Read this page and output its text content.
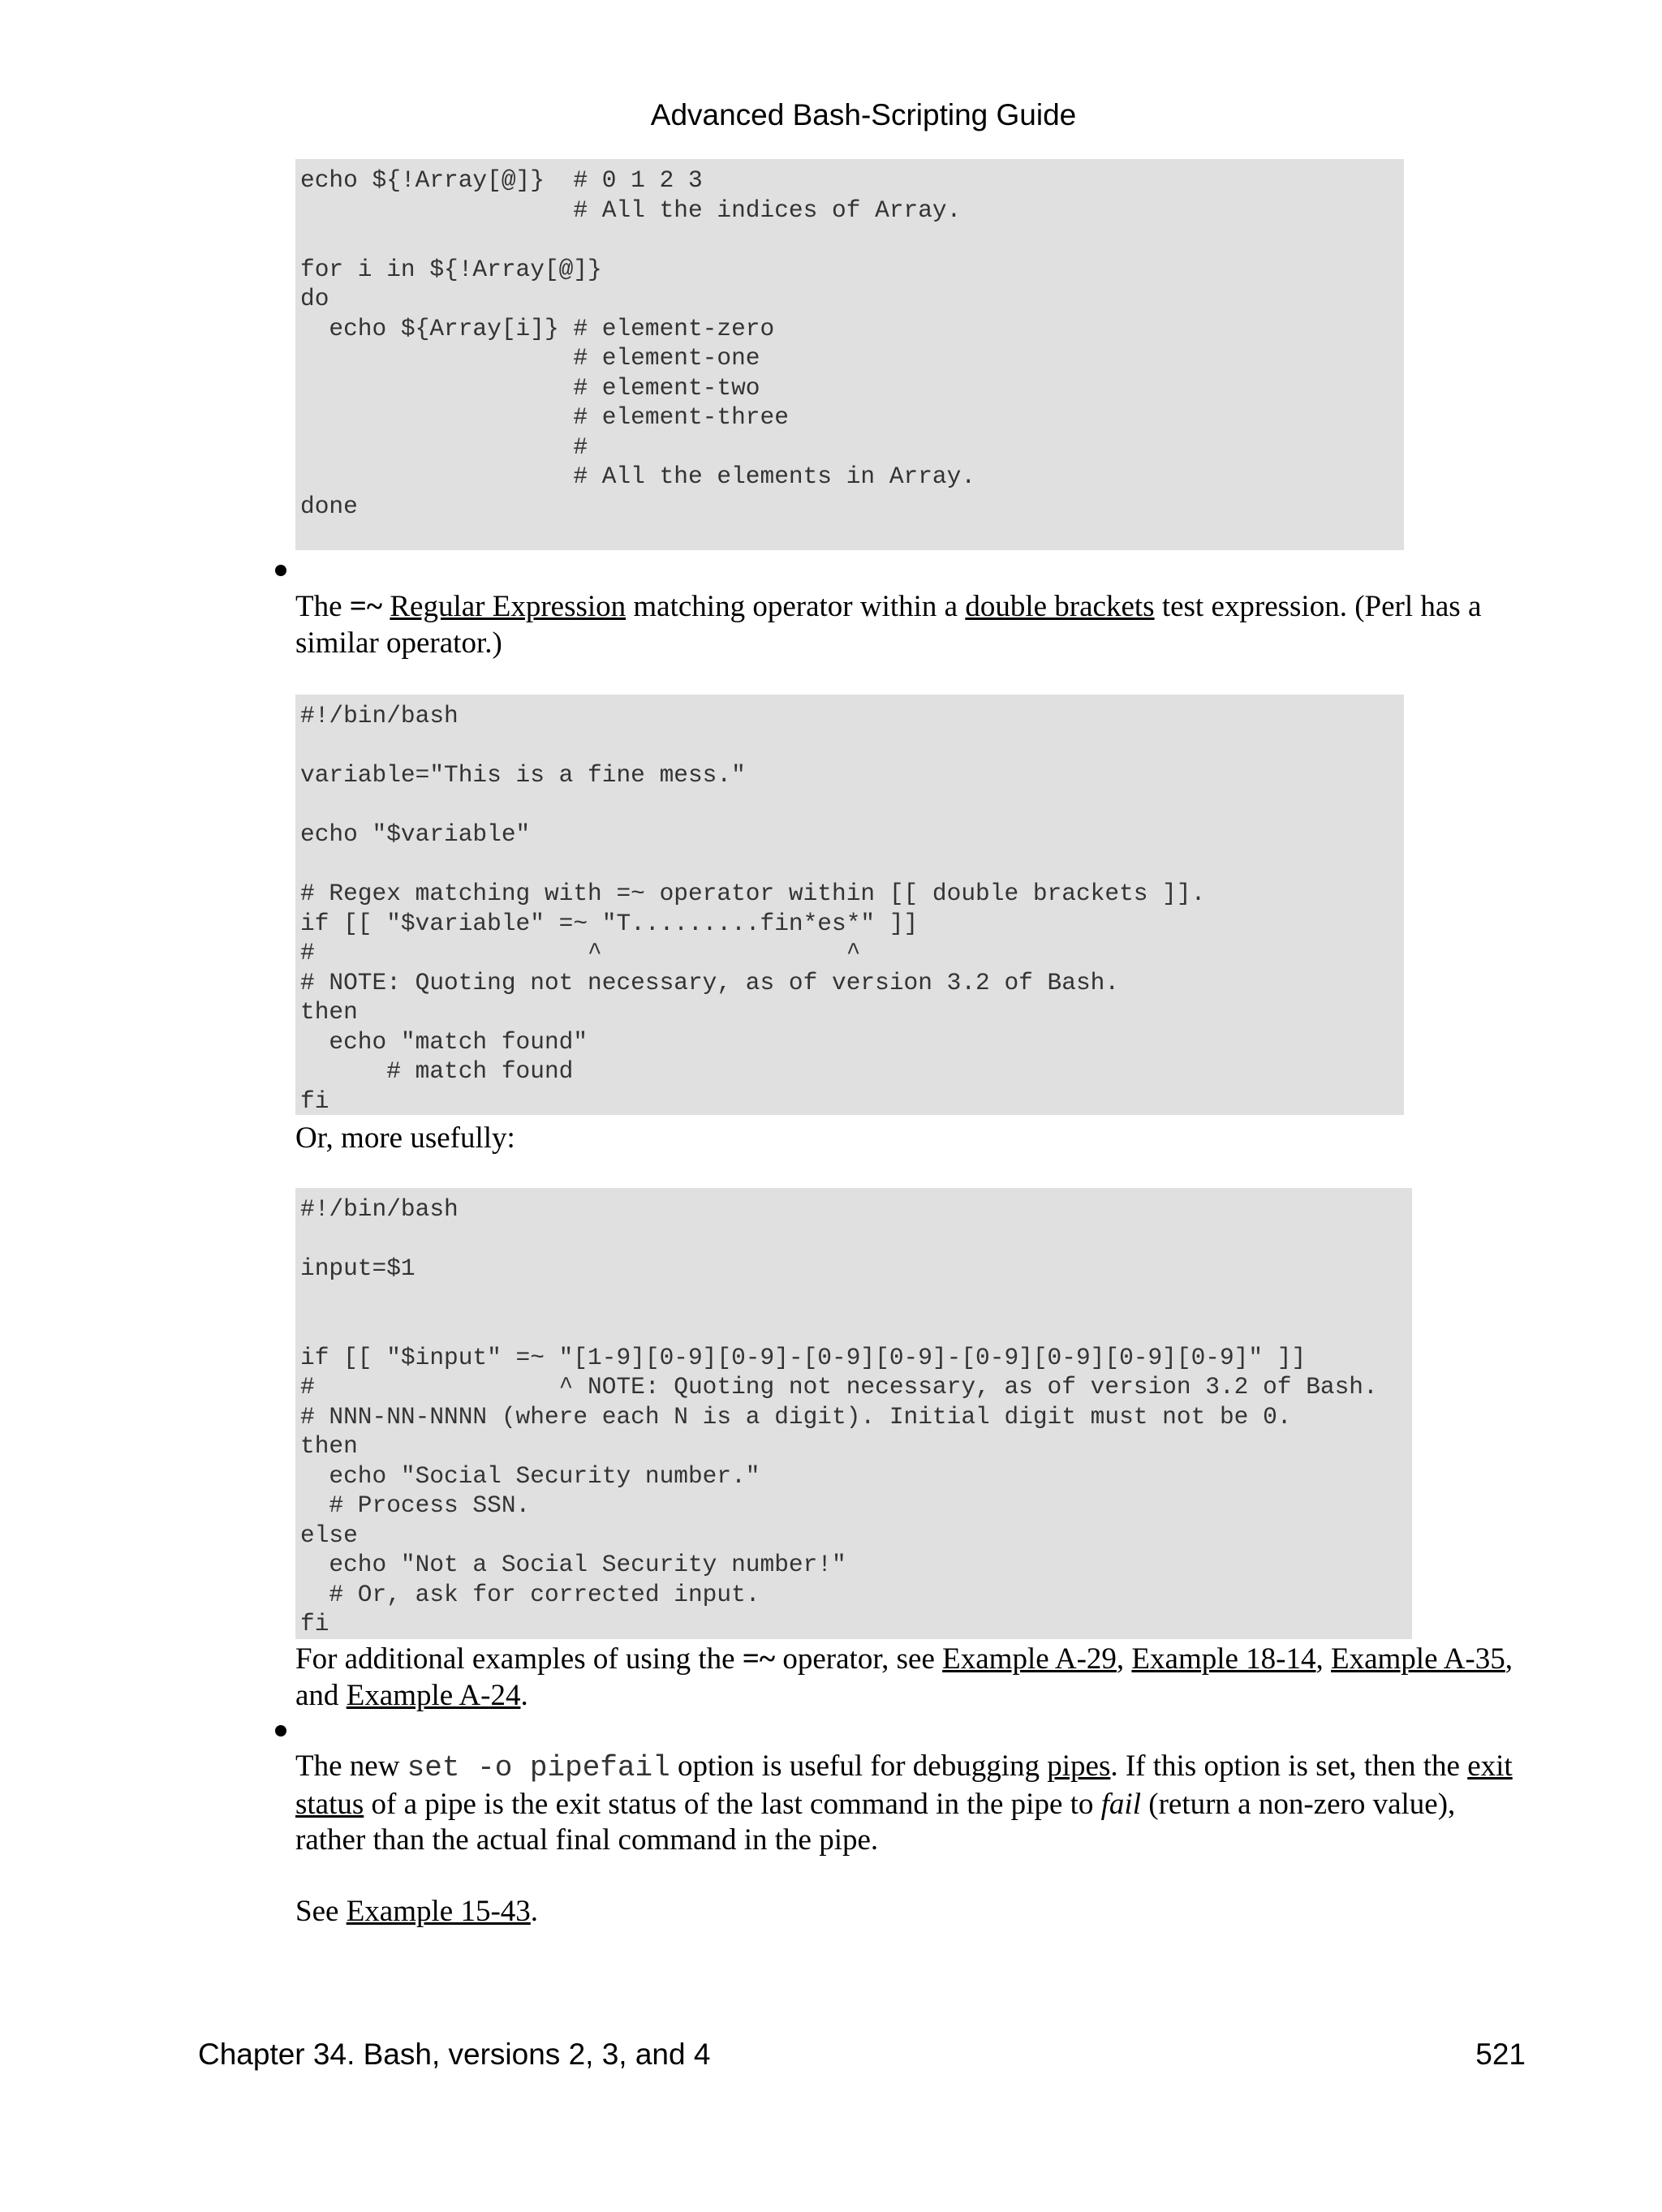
Advanced Bash-Scripting Guide
echo ${!Array[@]}  # 0 1 2 3
# All the indices of Array.

for i in ${!Array[@]}
do
echo ${Array[i]} # element-zero
# element-one
# element-two
# element-three
#
# All the elements in Array.
done
The =~ Regular Expression matching operator within a double brackets test expression. (Perl has a similar operator.)
#!/bin/bash

variable="This is a fine mess."

echo "$variable"

# Regex matching with =~ operator within [[ double brackets ]].
if [[ "$variable" =~ "T.........fin*es*" ]]
#                   ^                 ^
# NOTE: Quoting not necessary, as of version 3.2 of Bash.
then
echo "match found"
# match found
fi
Or, more usefully:
#!/bin/bash

input=$1

if [[ "$input" =~ "[1-9][0-9][0-9]-[0-9][0-9]-[0-9][0-9][0-9][0-9]" ]]
#                 ^ NOTE: Quoting not necessary, as of version 3.2 of Bash.
# NNN-NN-NNNN (where each N is a digit). Initial digit must not be 0.
then
echo "Social Security number."
# Process SSN.
else
echo "Not a Social Security number!"
# Or, ask for corrected input.
fi
For additional examples of using the =~ operator, see Example A-29, Example 18-14, Example A-35, and Example A-24.
The new set -o pipefail option is useful for debugging pipes. If this option is set, then the exit status of a pipe is the exit status of the last command in the pipe to fail (return a non-zero value), rather than the actual final command in the pipe.
See Example 15-43.
Chapter 34. Bash, versions 2, 3, and 4	521
